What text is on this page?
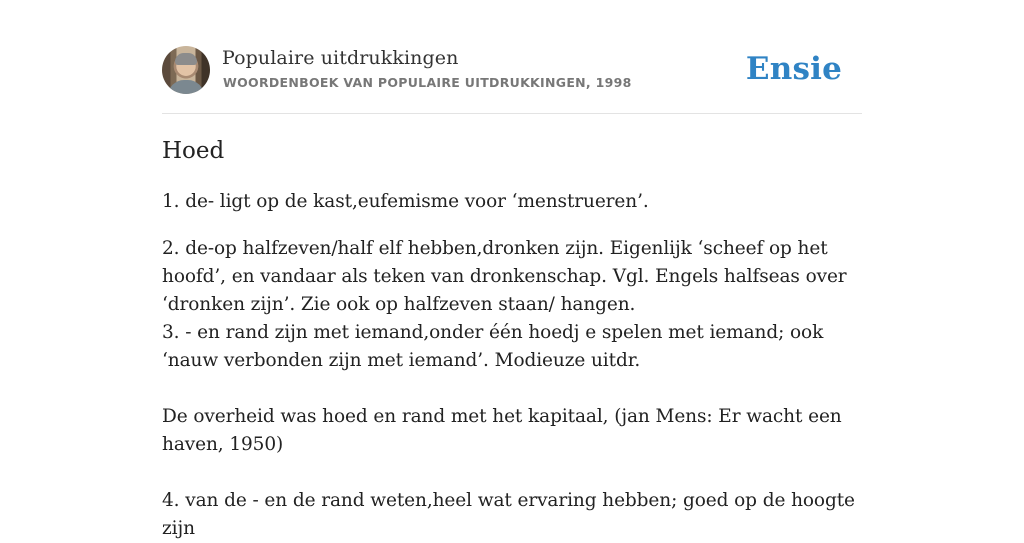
Populaire uitdrukkingen
WOORDENBOEK VAN POPULAIRE UITDRUKKINGEN, 1998	Ensie
Hoed

1. de- ligt op de kast,eufemisme voor ‘menstrueren’.

2. de-op halfzeven/half elf hebben,dronken zijn. Eigenlijk ‘scheef op het hoofd’, en vandaar als teken van dronkenschap. Vgl. Engels halfseas over ‘dronken zijn’. Zie ook op halfzeven staan/ hangen.

3. - en rand zijn met iemand,onder één hoedj e spelen met iemand; ook ‘nauw verbonden zijn met iemand’. Modieuze uitdr.

De overheid was hoed en rand met het kapitaal, (jan Mens: Er wacht een haven, 1950)

4. van de - en de rand weten,heel wat ervaring hebben; goed op de hoogte zijn
